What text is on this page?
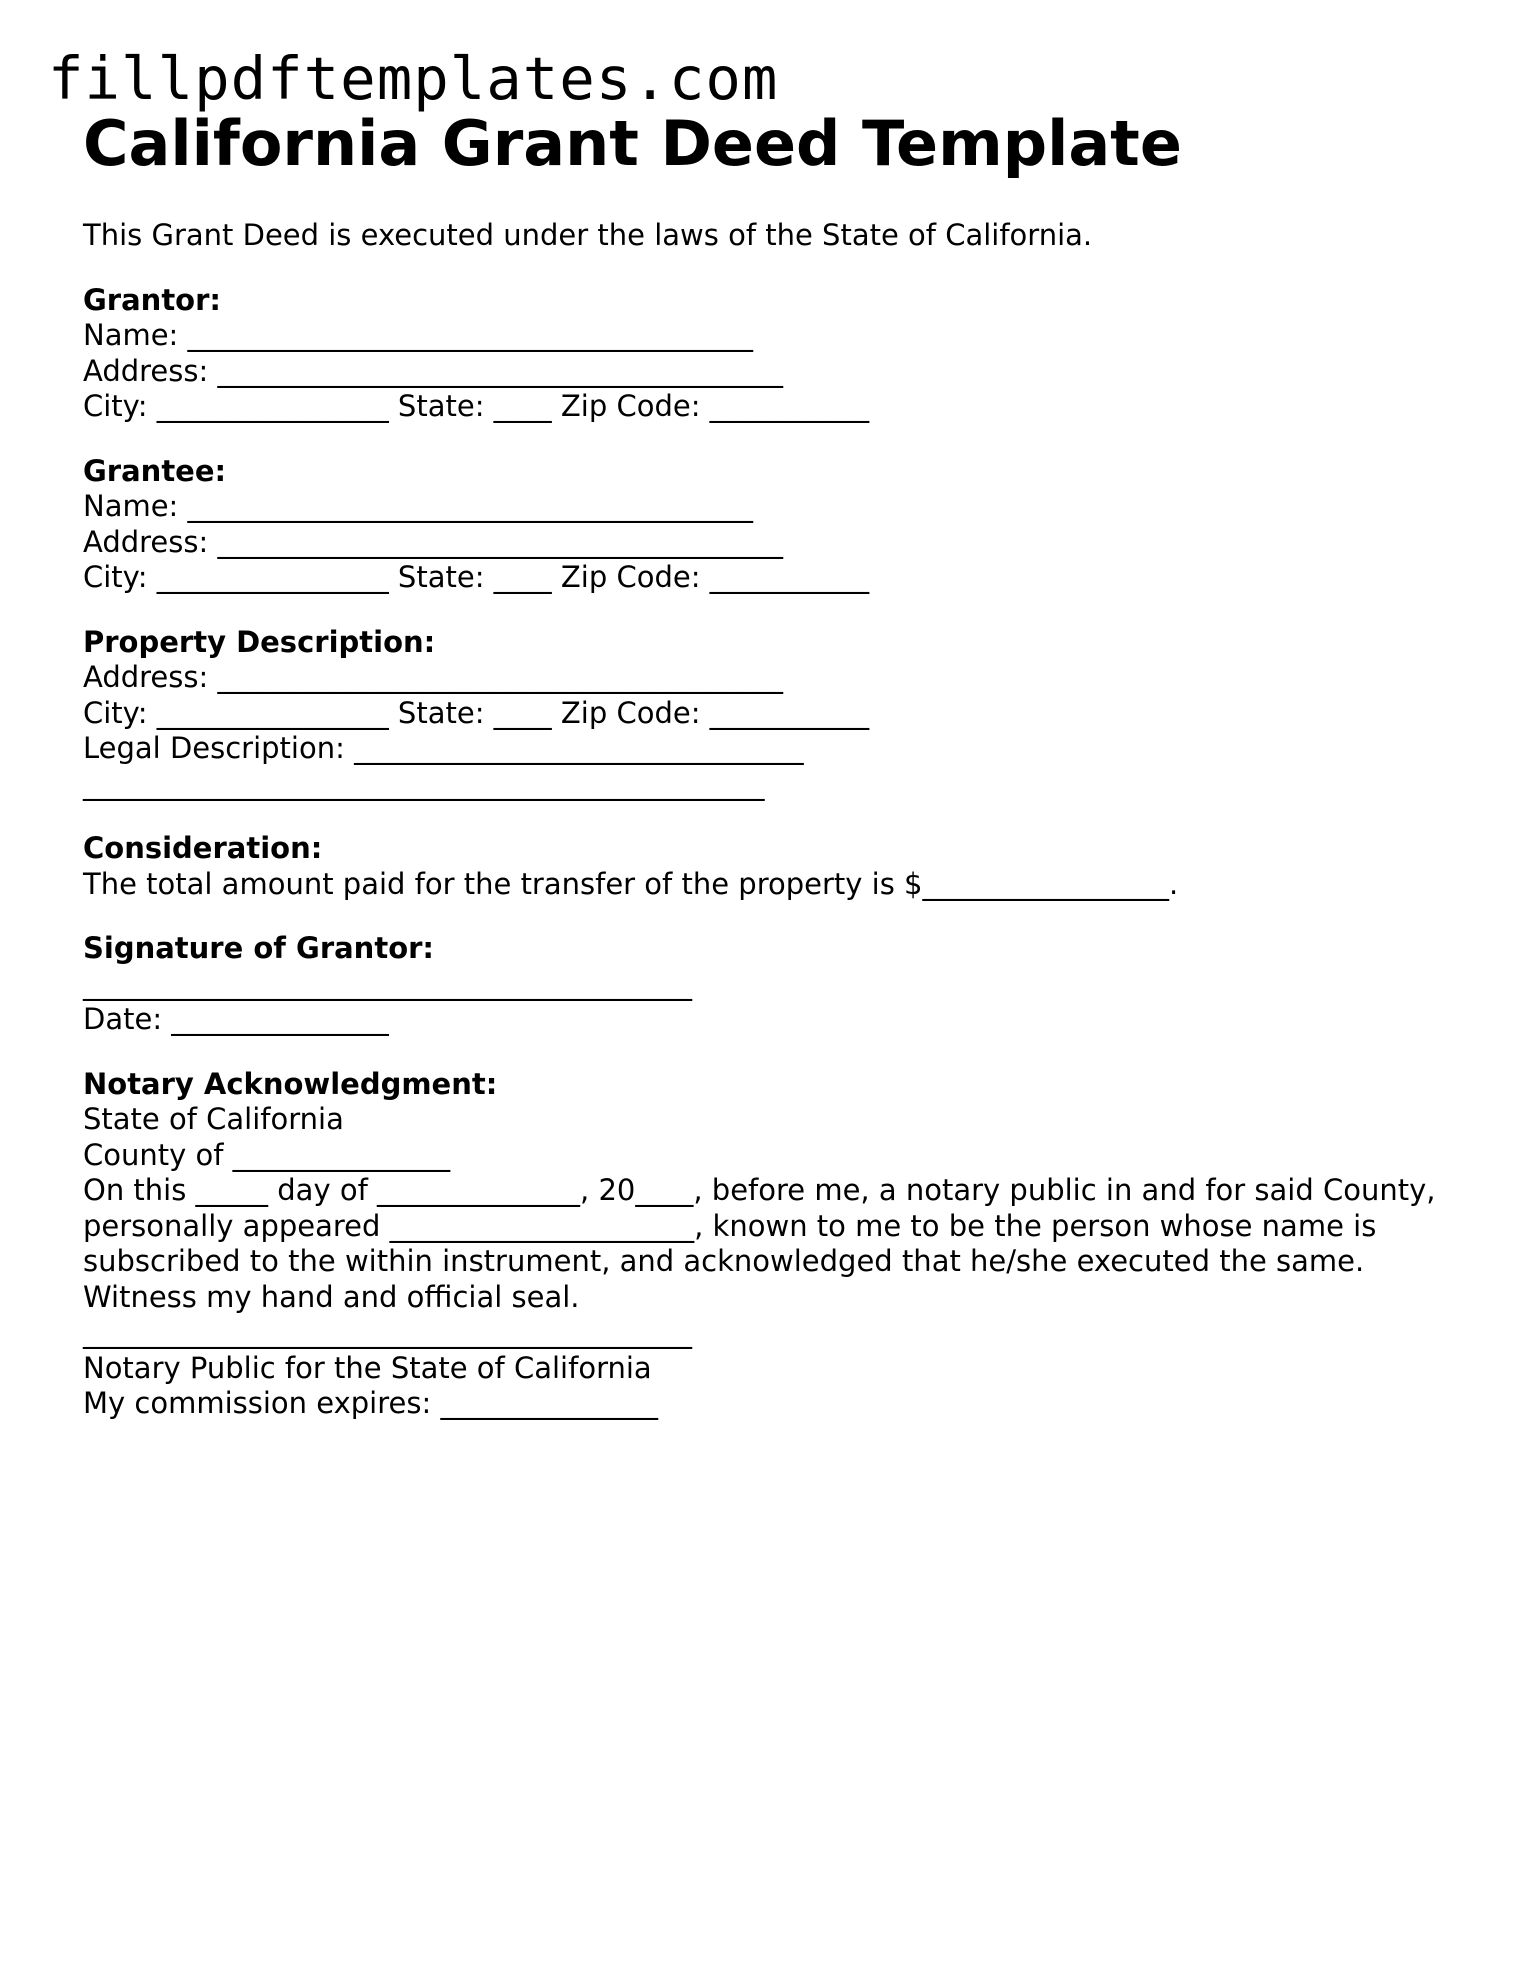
fillpdftemplates.com
California Grant Deed Template

This Grant Deed is executed under the laws of the State of California.

Grantor:
Name: _______________________________________
Address: _______________________________________
City: ________________ State: ____ Zip Code: ___________
Grantee:
Name: _______________________________________
Address: _______________________________________
City: ________________ State: ____ Zip Code: ___________
Property Description:
Address: _______________________________________
City: ________________ State: ____ Zip Code: ___________
Legal Description: _______________________________
_______________________________________________
Consideration:
The total amount paid for the transfer of the property is $_________________.
Signature of Grantor:
__________________________________________
Date: _______________
Notary Acknowledgment:
State of California
County of _______________
On this _____ day of ______________, 20____, before me, a notary public in and for said County, personally appeared _____________________, known to me to be the person whose name is subscribed to the within instrument, and acknowledged that he/she executed the same.
Witness my hand and official seal.
__________________________________________
Notary Public for the State of California
My commission expires: _______________
